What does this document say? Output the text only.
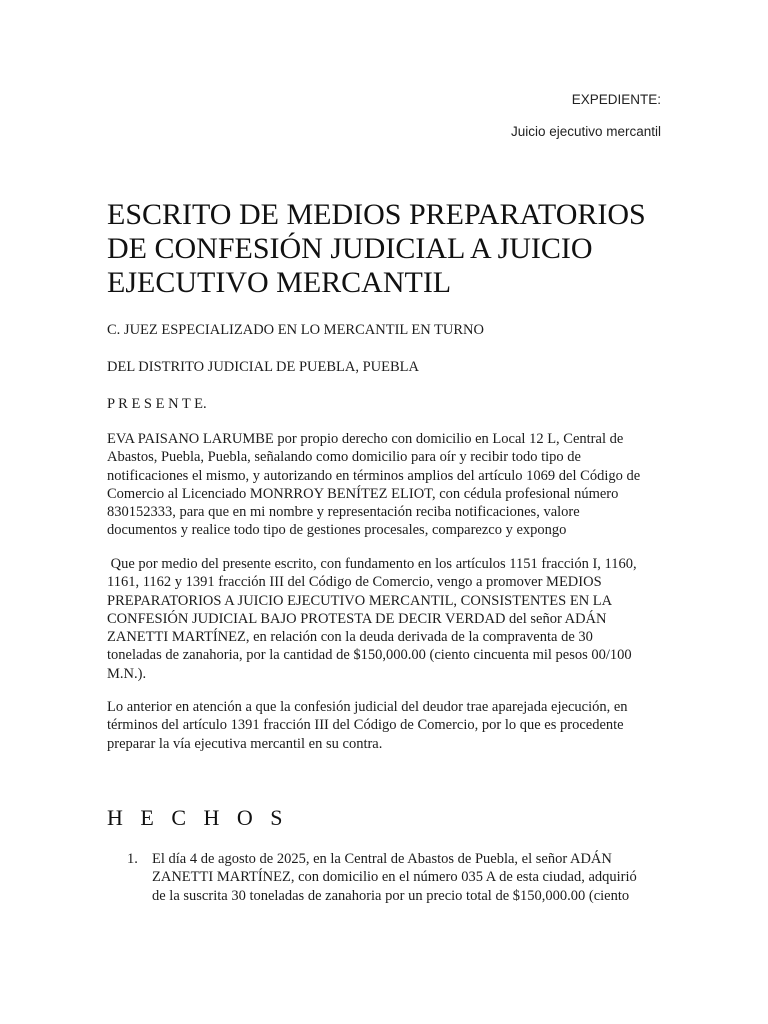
EXPEDIENTE:
Juicio ejecutivo mercantil
ESCRITO DE MEDIOS PREPARATORIOS
DE CONFESIÓN JUDICIAL A JUICIO
EJECUTIVO MERCANTIL

C. JUEZ ESPECIALIZADO EN LO MERCANTIL EN TURNO

DEL DISTRITO JUDICIAL DE PUEBLA, PUEBLA

P R E S E N T E.

EVA PAISANO LARUMBE por propio derecho con domicilio en Local 12 L, Central de
Abastos, Puebla, Puebla, señalando como domicilio para oír y recibir todo tipo de
notificaciones el mismo, y autorizando en términos amplios del artículo 1069 del Código de
Comercio al Licenciado MONRROY BENÍTEZ ELIOT, con cédula profesional número
830152333, para que en mi nombre y representación reciba notificaciones, valore
documentos y realice todo tipo de gestiones procesales, comparezco y expongo

Que por medio del presente escrito, con fundamento en los artículos 1151 fracción I, 1160,
1161, 1162 y 1391 fracción III del Código de Comercio, vengo a promover MEDIOS
PREPARATORIOS A JUICIO EJECUTIVO MERCANTIL, CONSISTENTES EN LA
CONFESIÓN JUDICIAL BAJO PROTESTA DE DECIR VERDAD del señor ADÁN
ZANETTI MARTÍNEZ, en relación con la deuda derivada de la compraventa de 30
toneladas de zanahoria, por la cantidad de $150,000.00 (ciento cincuenta mil pesos 00/100
M.N.).

Lo anterior en atención a que la confesión judicial del deudor trae aparejada ejecución, en
términos del artículo 1391 fracción III del Código de Comercio, por lo que es procedente
preparar la vía ejecutiva mercantil en su contra.

H E C H O S
1. El día 4 de agosto de 2025, en la Central de Abastos de Puebla, el señor ADÁN
ZANETTI MARTÍNEZ, con domicilio en el número 035 A de esta ciudad, adquirió
de la suscrita 30 toneladas de zanahoria por un precio total de $150,000.00 (ciento
